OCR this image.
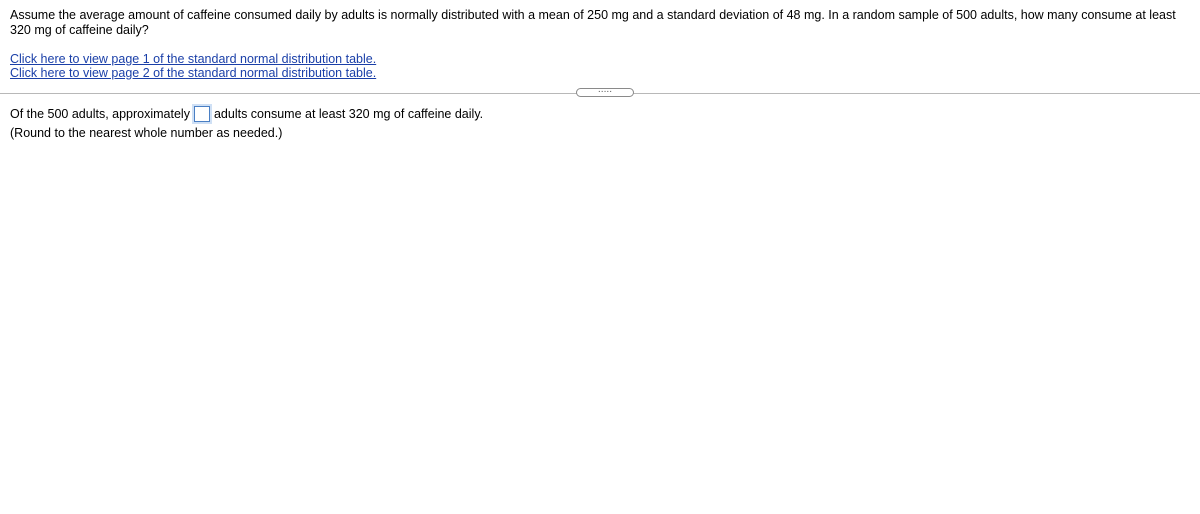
Assume the average amount of caffeine consumed daily by adults is normally distributed with a mean of 250 mg and a standard deviation of 48 mg. In a random sample of 500 adults, how many consume at least 320 mg of caffeine daily?
Click here to view page 1 of the standard normal distribution table.
Click here to view page 2 of the standard normal distribution table.
.....
Of the 500 adults, approximately adults consume at least 320 mg of caffeine daily.
(Round to the nearest whole number as needed.)
